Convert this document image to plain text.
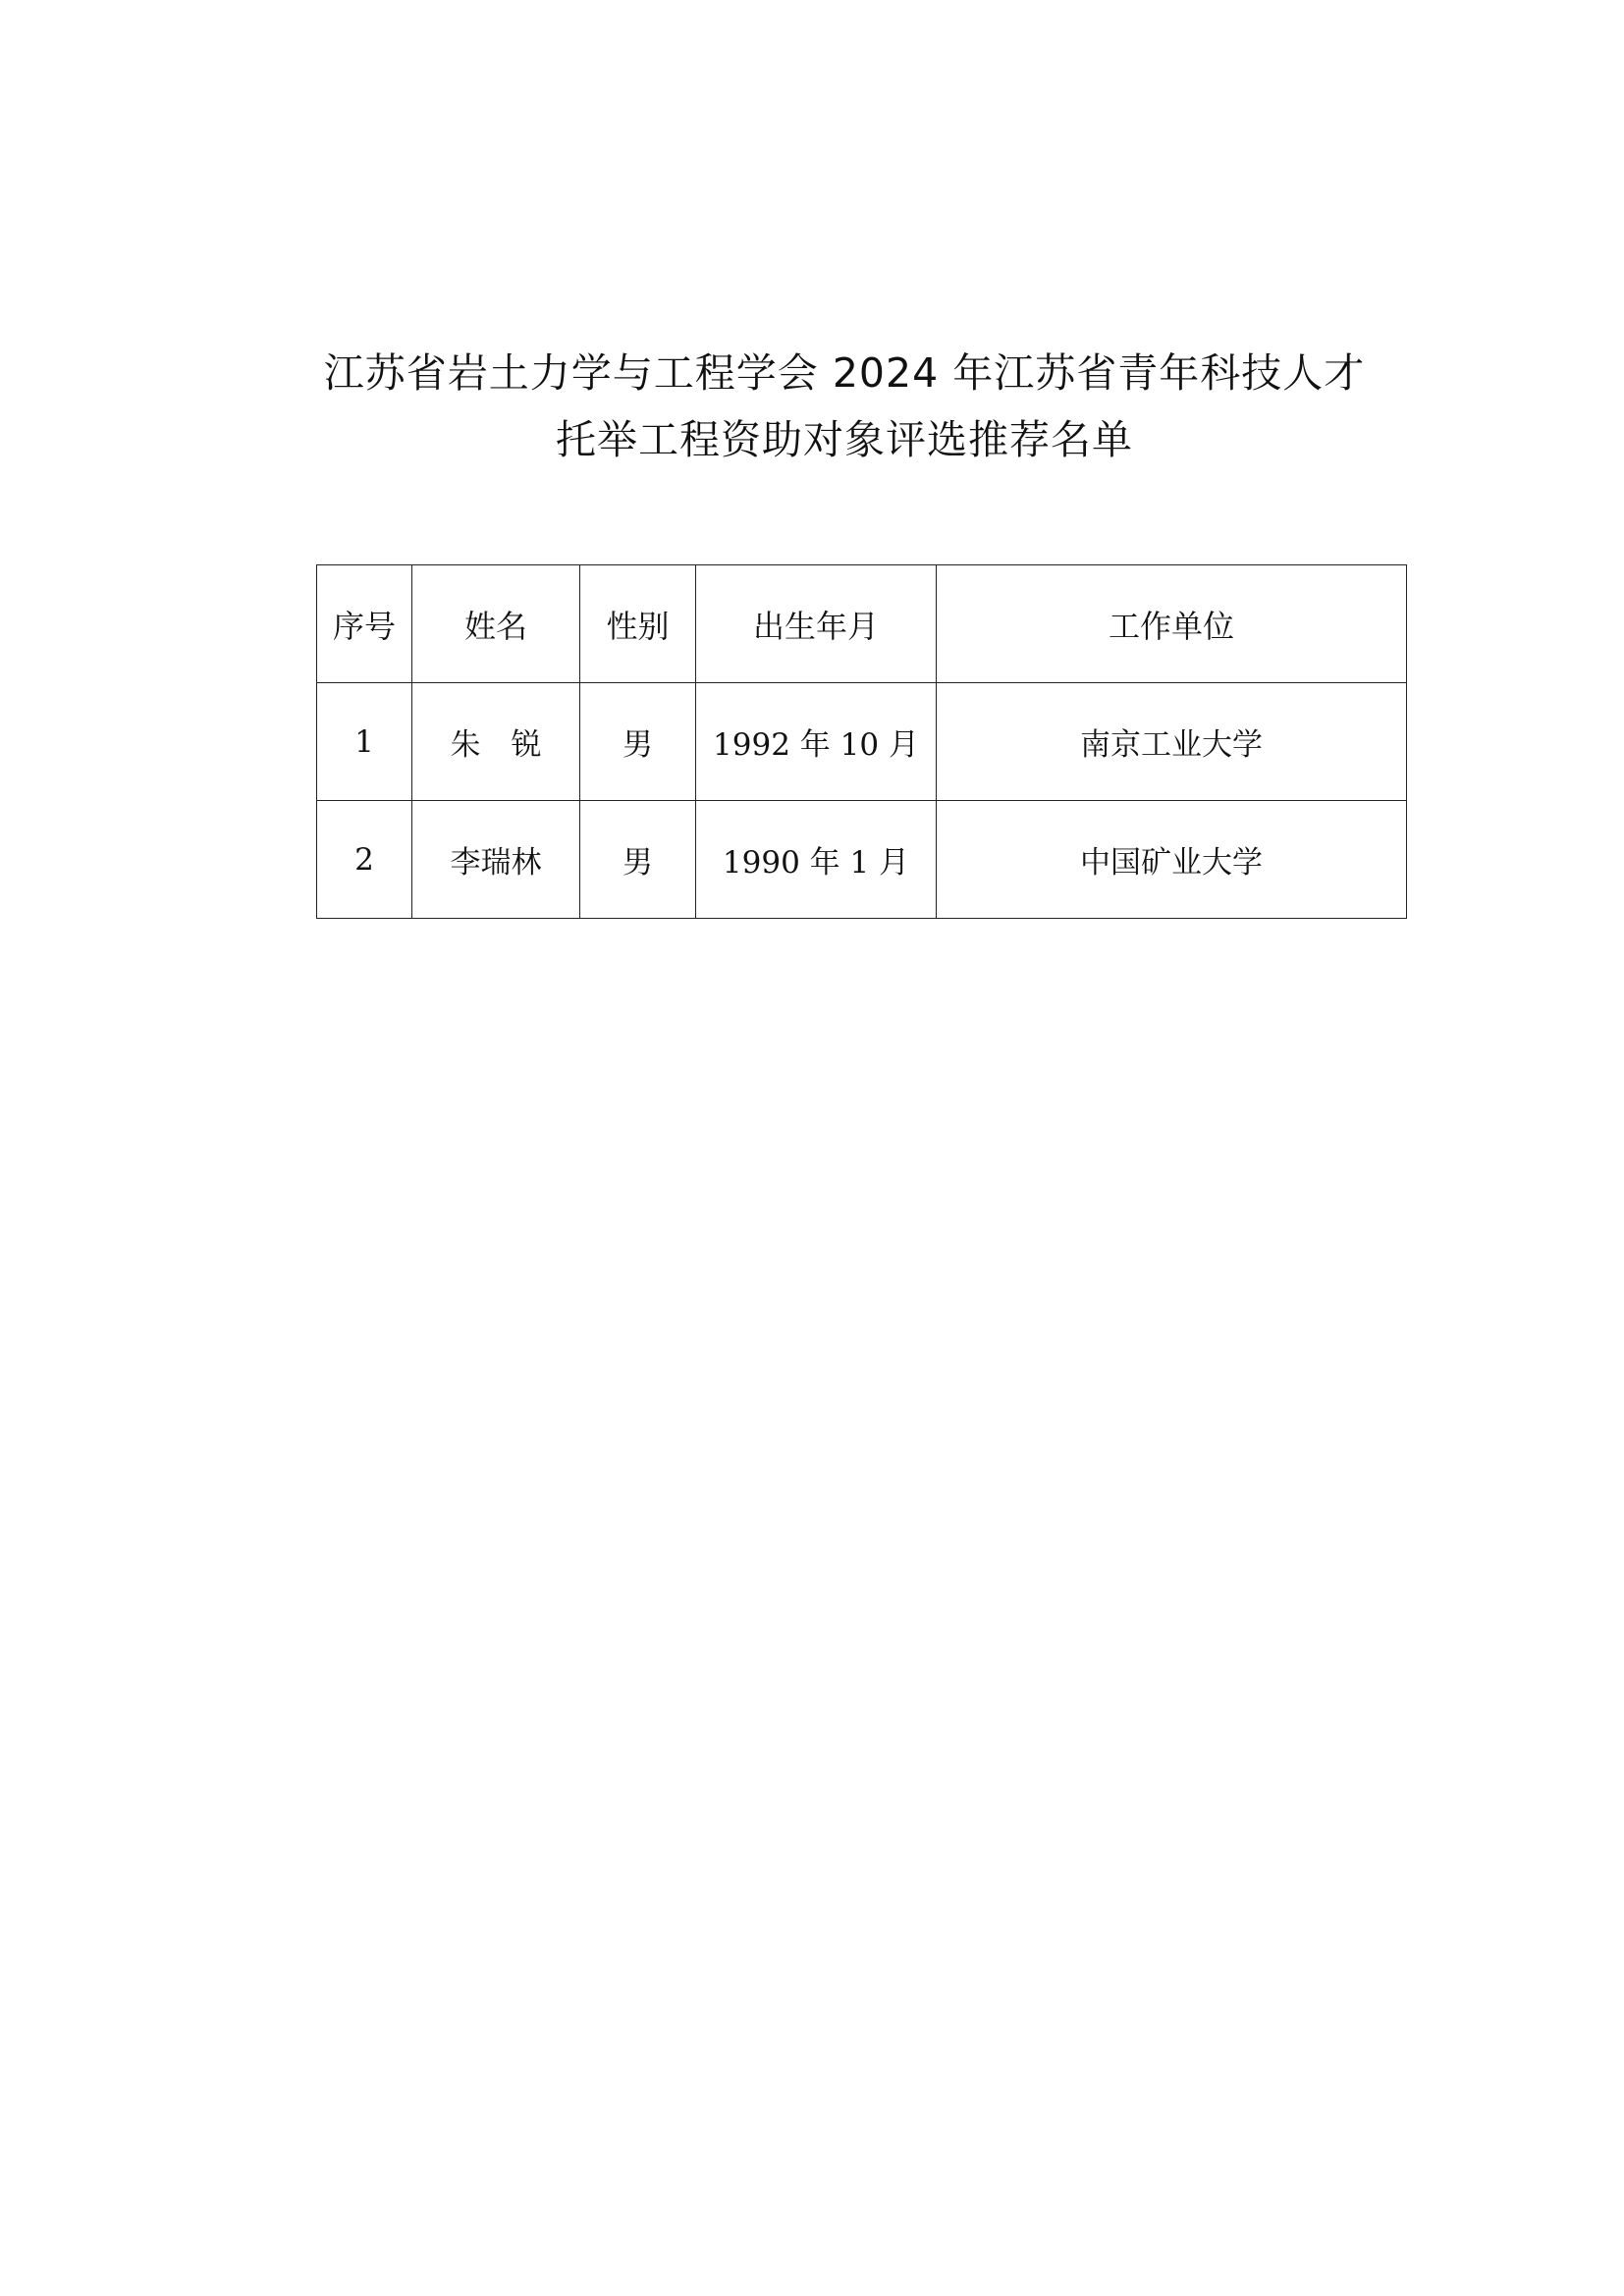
江苏省岩土力学与工程学会 2024 年江苏省青年科技人才
托举工程资助对象评选推荐名单
序号	姓名	性别	出生年月	工作单位
1	朱　锐	男	1992 年 10 月	南京工业大学
2	李瑞林	男	1990 年 1 月	中国矿业大学
